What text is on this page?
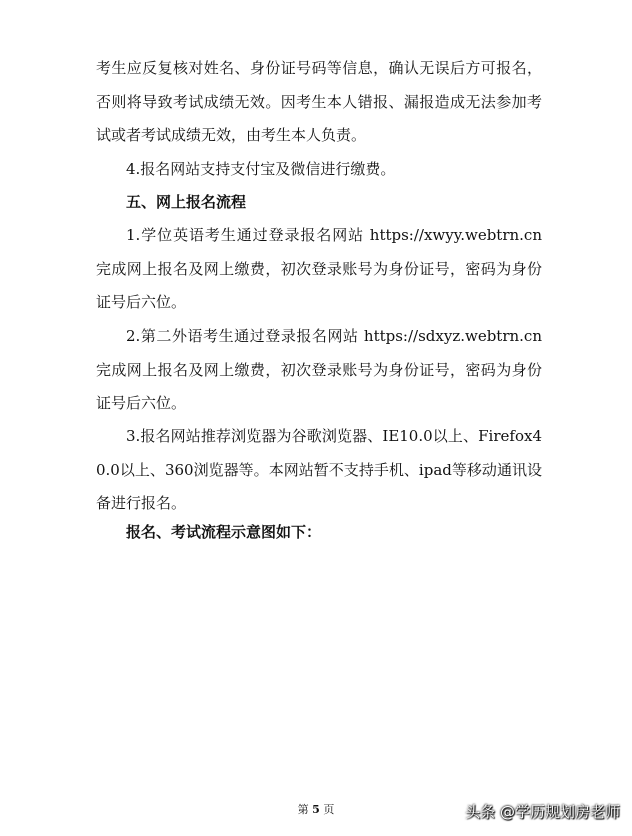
考生应反复核对姓名、身份证号码等信息，确认无误后方可报名，否则将导致考试成绩无效。因考生本人错报、漏报造成无法参加考试或者考试成绩无效，由考生本人负责。

4.报名网站支持支付宝及微信进行缴费。

五、网上报名流程

1.学位英语考生通过登录报名网站 https://xwyy.webtrn.cn 完成网上报名及网上缴费，初次登录账号为身份证号，密码为身份证号后六位。

2.第二外语考生通过登录报名网站 https://sdxyz.webtrn.cn 完成网上报名及网上缴费，初次登录账号为身份证号，密码为身份证号后六位。

3.报名网站推荐浏览器为谷歌浏览器、IE10.0以上、Firefox40.0以上、360浏览器等。本网站暂不支持手机、ipad等移动通讯设备进行报名。

报名、考试流程示意图如下：

第 5 页	头条 @学历规划房老师
